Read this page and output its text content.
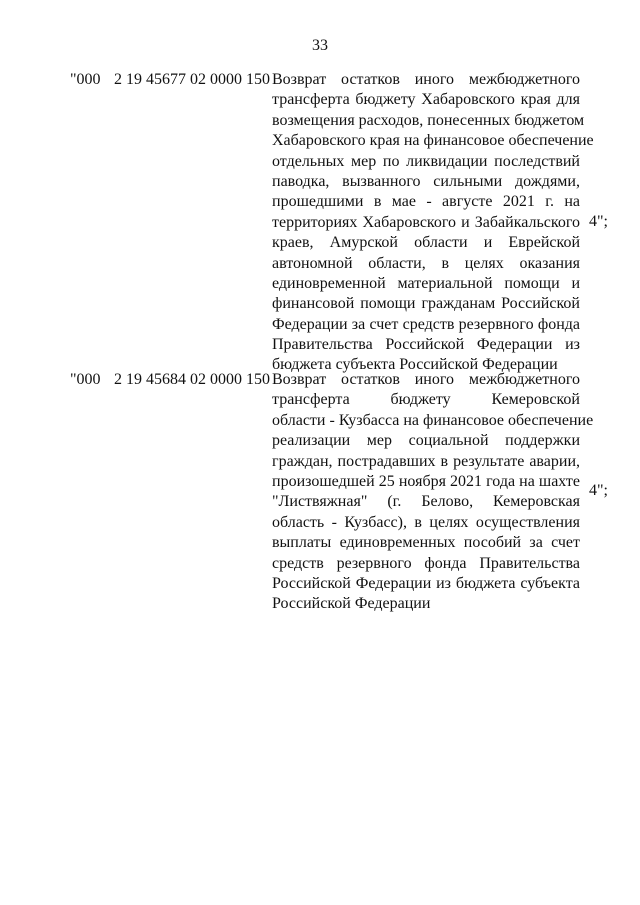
33
"000 2 19 45677 02 0000 150 Возврат остатков иного межбюджетного
трансферта бюджету Хабаровского края для
возмещения расходов, понесенных бюджетом
Хабаровского края на финансовое обеспечение
отдельных мер по ликвидации последствий
паводка, вызванного сильными дождями,
прошедшими в мае - августе 2021 г. на
территориях Хабаровского и Забайкальского
краев, Амурской области и Еврейской
автономной области, в целях оказания
единовременной материальной помощи и
финансовой помощи гражданам Российской
Федерации за счет средств резервного фонда
Правительства Российской Федерации из
бюджета субъекта Российской Федерации
4";
"000 2 19 45684 02 0000 150 Возврат остатков иного межбюджетного
трансферта бюджету Кемеровской
области - Кузбасса на финансовое обеспечение
реализации мер социальной поддержки
граждан, пострадавших в результате аварии,
произошедшей 25 ноября 2021 года на шахте
"Листвяжная" (г. Белово, Кемеровская
область - Кузбасс), в целях осуществления
выплаты единовременных пособий за счет
средств резервного фонда Правительства
Российской Федерации из бюджета субъекта
Российской Федерации
4";
